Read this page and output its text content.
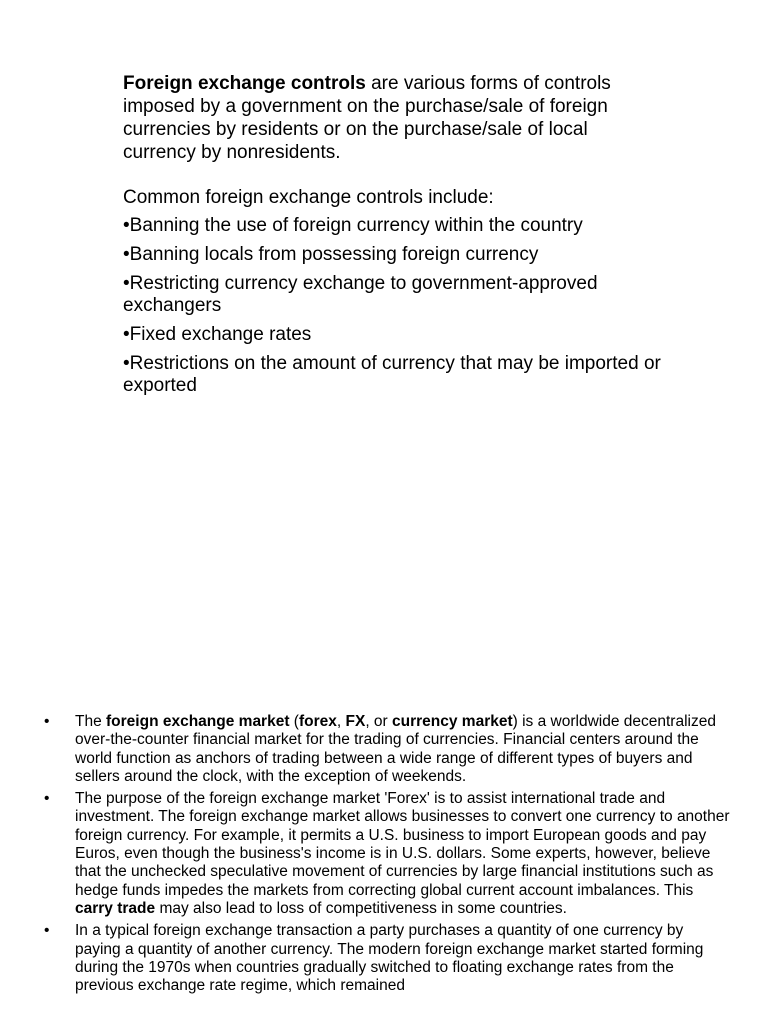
Foreign exchange controls are various forms of controls imposed by a government on the purchase/sale of foreign currencies by residents or on the purchase/sale of local currency by nonresidents.

Common foreign exchange controls include:

•Banning the use of foreign currency within the country
•Banning locals from possessing foreign currency
•Restricting currency exchange to government-approved exchangers
•Fixed exchange rates
•Restrictions on the amount of currency that may be imported or exported
• The foreign exchange market (forex, FX, or currency market) is a worldwide decentralized over-the-counter financial market for the trading of currencies. Financial centers around the world function as anchors of trading between a wide range of different types of buyers and sellers around the clock, with the exception of weekends.
• The purpose of the foreign exchange market 'Forex' is to assist international trade and investment. The foreign exchange market allows businesses to convert one currency to another foreign currency. For example, it permits a U.S. business to import European goods and pay Euros, even though the business's income is in U.S. dollars. Some experts, however, believe that the unchecked speculative movement of currencies by large financial institutions such as hedge funds impedes the markets from correcting global current account imbalances. This carry trade may also lead to loss of competitiveness in some countries.
• In a typical foreign exchange transaction a party purchases a quantity of one currency by paying a quantity of another currency. The modern foreign exchange market started forming during the 1970s when countries gradually switched to floating exchange rates from the previous exchange rate regime, which remained
